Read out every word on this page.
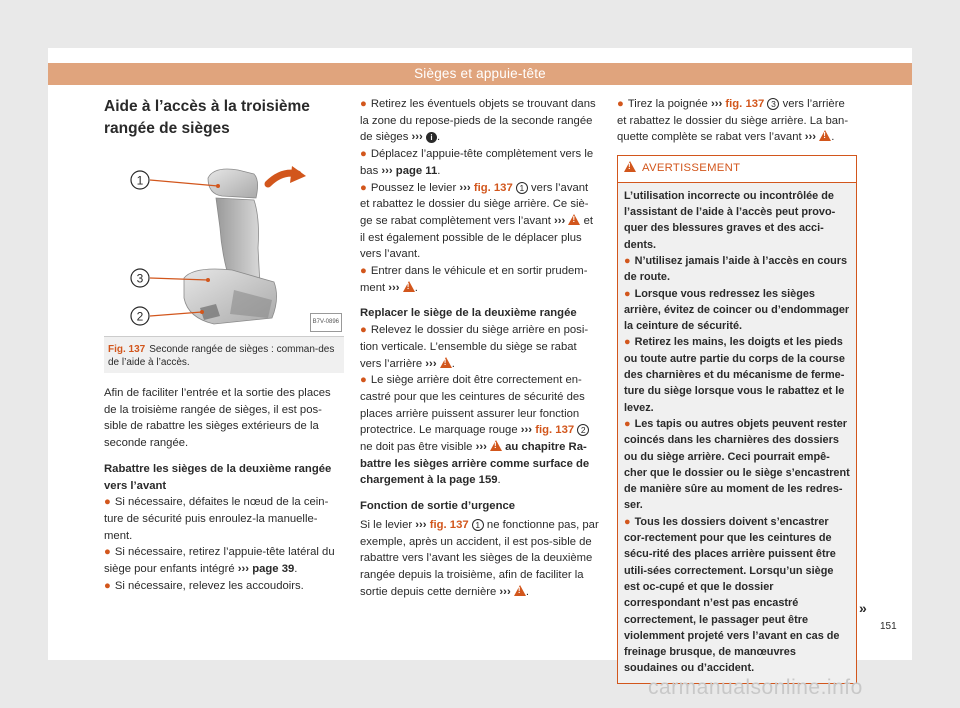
Sièges et appuie-tête
Aide à l’accès à la troisième rangée de sièges
1
3
2	B7V-0896
Fig. 137 Seconde rangée de sièges : comman-des de l’aide à l’accès.

Afin de faciliter l’entrée et la sortie des places de la troisième rangée de sièges, il est pos-sible de rabattre les sièges extérieurs de la seconde rangée.

Rabattre les sièges de la deuxième rangée vers l’avant

● Si nécessaire, défaites le nœud de la cein-ture de sécurité puis enroulez-la manuelle-ment.

● Si nécessaire, retirez l’appuie-tête latéral du siège pour enfants intégré ››› page 39.

● Si nécessaire, relevez les accoudoirs.

● Retirez les éventuels objets se trouvant dans la zone du repose-pieds de la seconde rangée de sièges ››› i .

● Déplacez l’appuie-tête complètement vers le bas ››› page 11.

● Poussez le levier ››› fig. 137 1 vers l’avant et rabattez le dossier du siège arrière. Ce siè-ge se rabat complètement vers l’avant ››› ! et il est également possible de le déplacer plus vers l’avant.

● Entrer dans le véhicule et en sortir prudem-ment ››› ! .

Replacer le siège de la deuxième rangée

● Relevez le dossier du siège arrière en posi-tion verticale. L’ensemble du siège se rabat vers l’arrière ››› ! .

● Le siège arrière doit être correctement en-castré pour que les ceintures de sécurité des places arrière puissent assurer leur fonction protectrice. Le marquage rouge ››› fig. 137 2 ne doit pas être visible ››› ! au chapitre Ra-battre les sièges arrière comme surface de chargement à la page 159.

Fonction de sortie d’urgence

Si le levier ››› fig. 137 1 ne fonctionne pas, par exemple, après un accident, il est pos-sible de rabattre vers l’avant les sièges de la deuxième rangée depuis la troisième, afin de faciliter la sortie depuis cette dernière ››› ! .

● Tirez la poignée ››› fig. 137 3 vers l’arrière et rabattez le dossier du siège arrière. La ban-quette complète se rabat vers l’avant ››› ! .

!AVERTISSEMENT

L’utilisation incorrecte ou incontrôlée de l’assistant de l’aide à l’accès peut provo-quer des blessures graves et des acci-dents.

● N’utilisez jamais l’aide à l’accès en cours de route.

● Lorsque vous redressez les sièges arrière, évitez de coincer ou d’endommager la ceinture de sécurité.

● Retirez les mains, les doigts et les pieds ou toute autre partie du corps de la course des charnières et du mécanisme de ferme-ture du siège lorsque vous le rabattez et le levez.

● Les tapis ou autres objets peuvent rester coincés dans les charnières des dossiers ou du siège arrière. Ceci pourrait empê-cher que le dossier ou le siège s’encastrent de manière sûre au moment de les redres-ser.

● Tous les dossiers doivent s’encastrer cor-rectement pour que les ceintures de sécu-rité des places arrière puissent être utili-sées correctement. Lorsqu’un siège est oc-cupé et que le dossier correspondant n’est pas encastré correctement, le passager peut être violemment projeté vers l’avant en cas de freinage brusque, de manœuvres soudaines ou d’accident.

»
151
carmanualsonline.info
